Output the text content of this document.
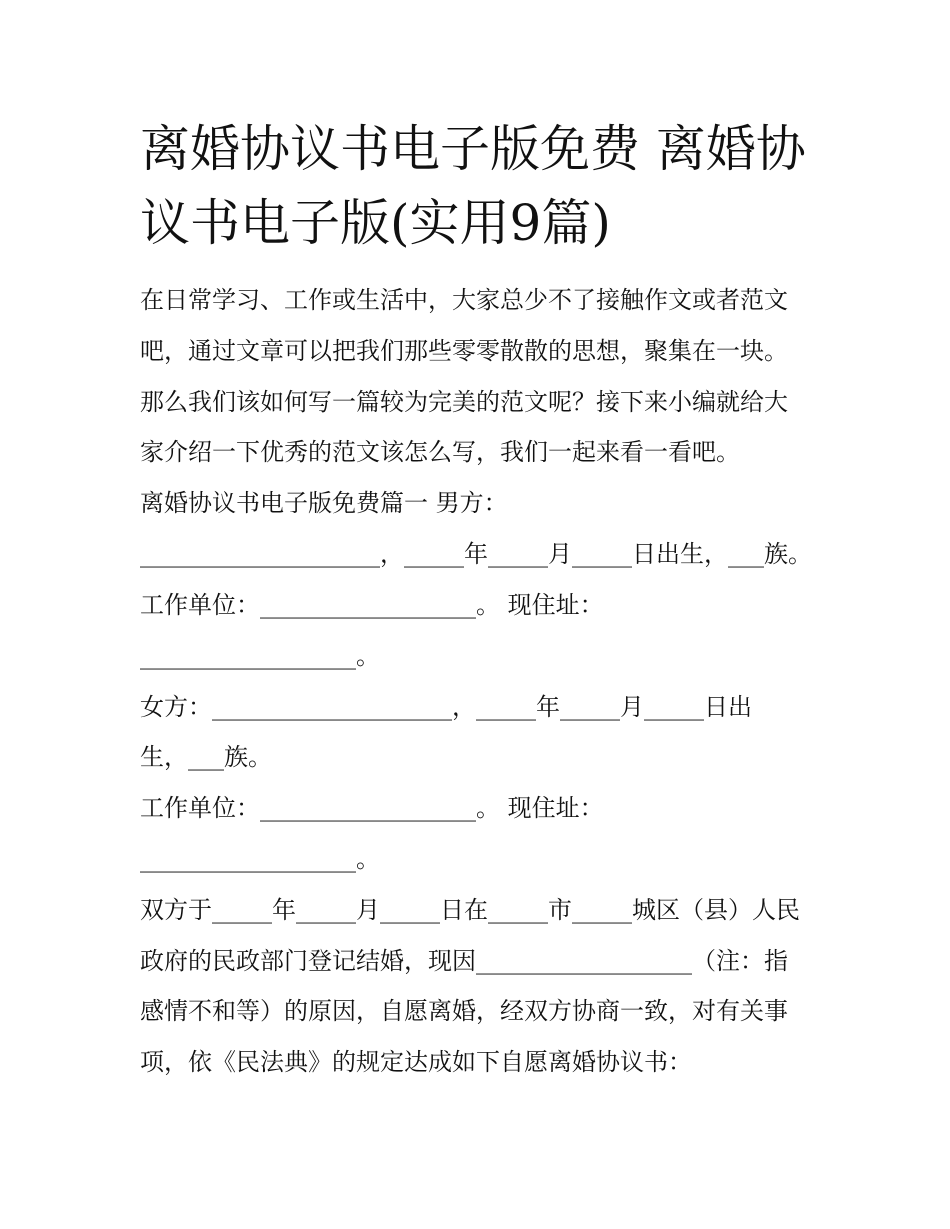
离婚协议书电子版免费 离婚协议书电子版(实用9篇)

在日常学习、工作或生活中，大家总少不了接触作文或者范文

吧，通过文章可以把我们那些零零散散的思想，聚集在一块。

那么我们该如何写一篇较为完美的范文呢？接下来小编就给大

家介绍一下优秀的范文该怎么写，我们一起来看一看吧。

离婚协议书电子版免费篇一 男方：

____________________，_____年_____月_____日出生，___族。

工作单位：__________________。 现住址：

__________________。

女方：____________________，_____年_____月_____日出

生，___族。

工作单位：__________________。 现住址：

__________________。

双方于_____年_____月_____日在_____市_____城区（县）人民

政府的民政部门登记结婚，现因__________________（注：指

感情不和等）的原因，自愿离婚，经双方协商一致，对有关事

项，依《民法典》的规定达成如下自愿离婚协议书：
